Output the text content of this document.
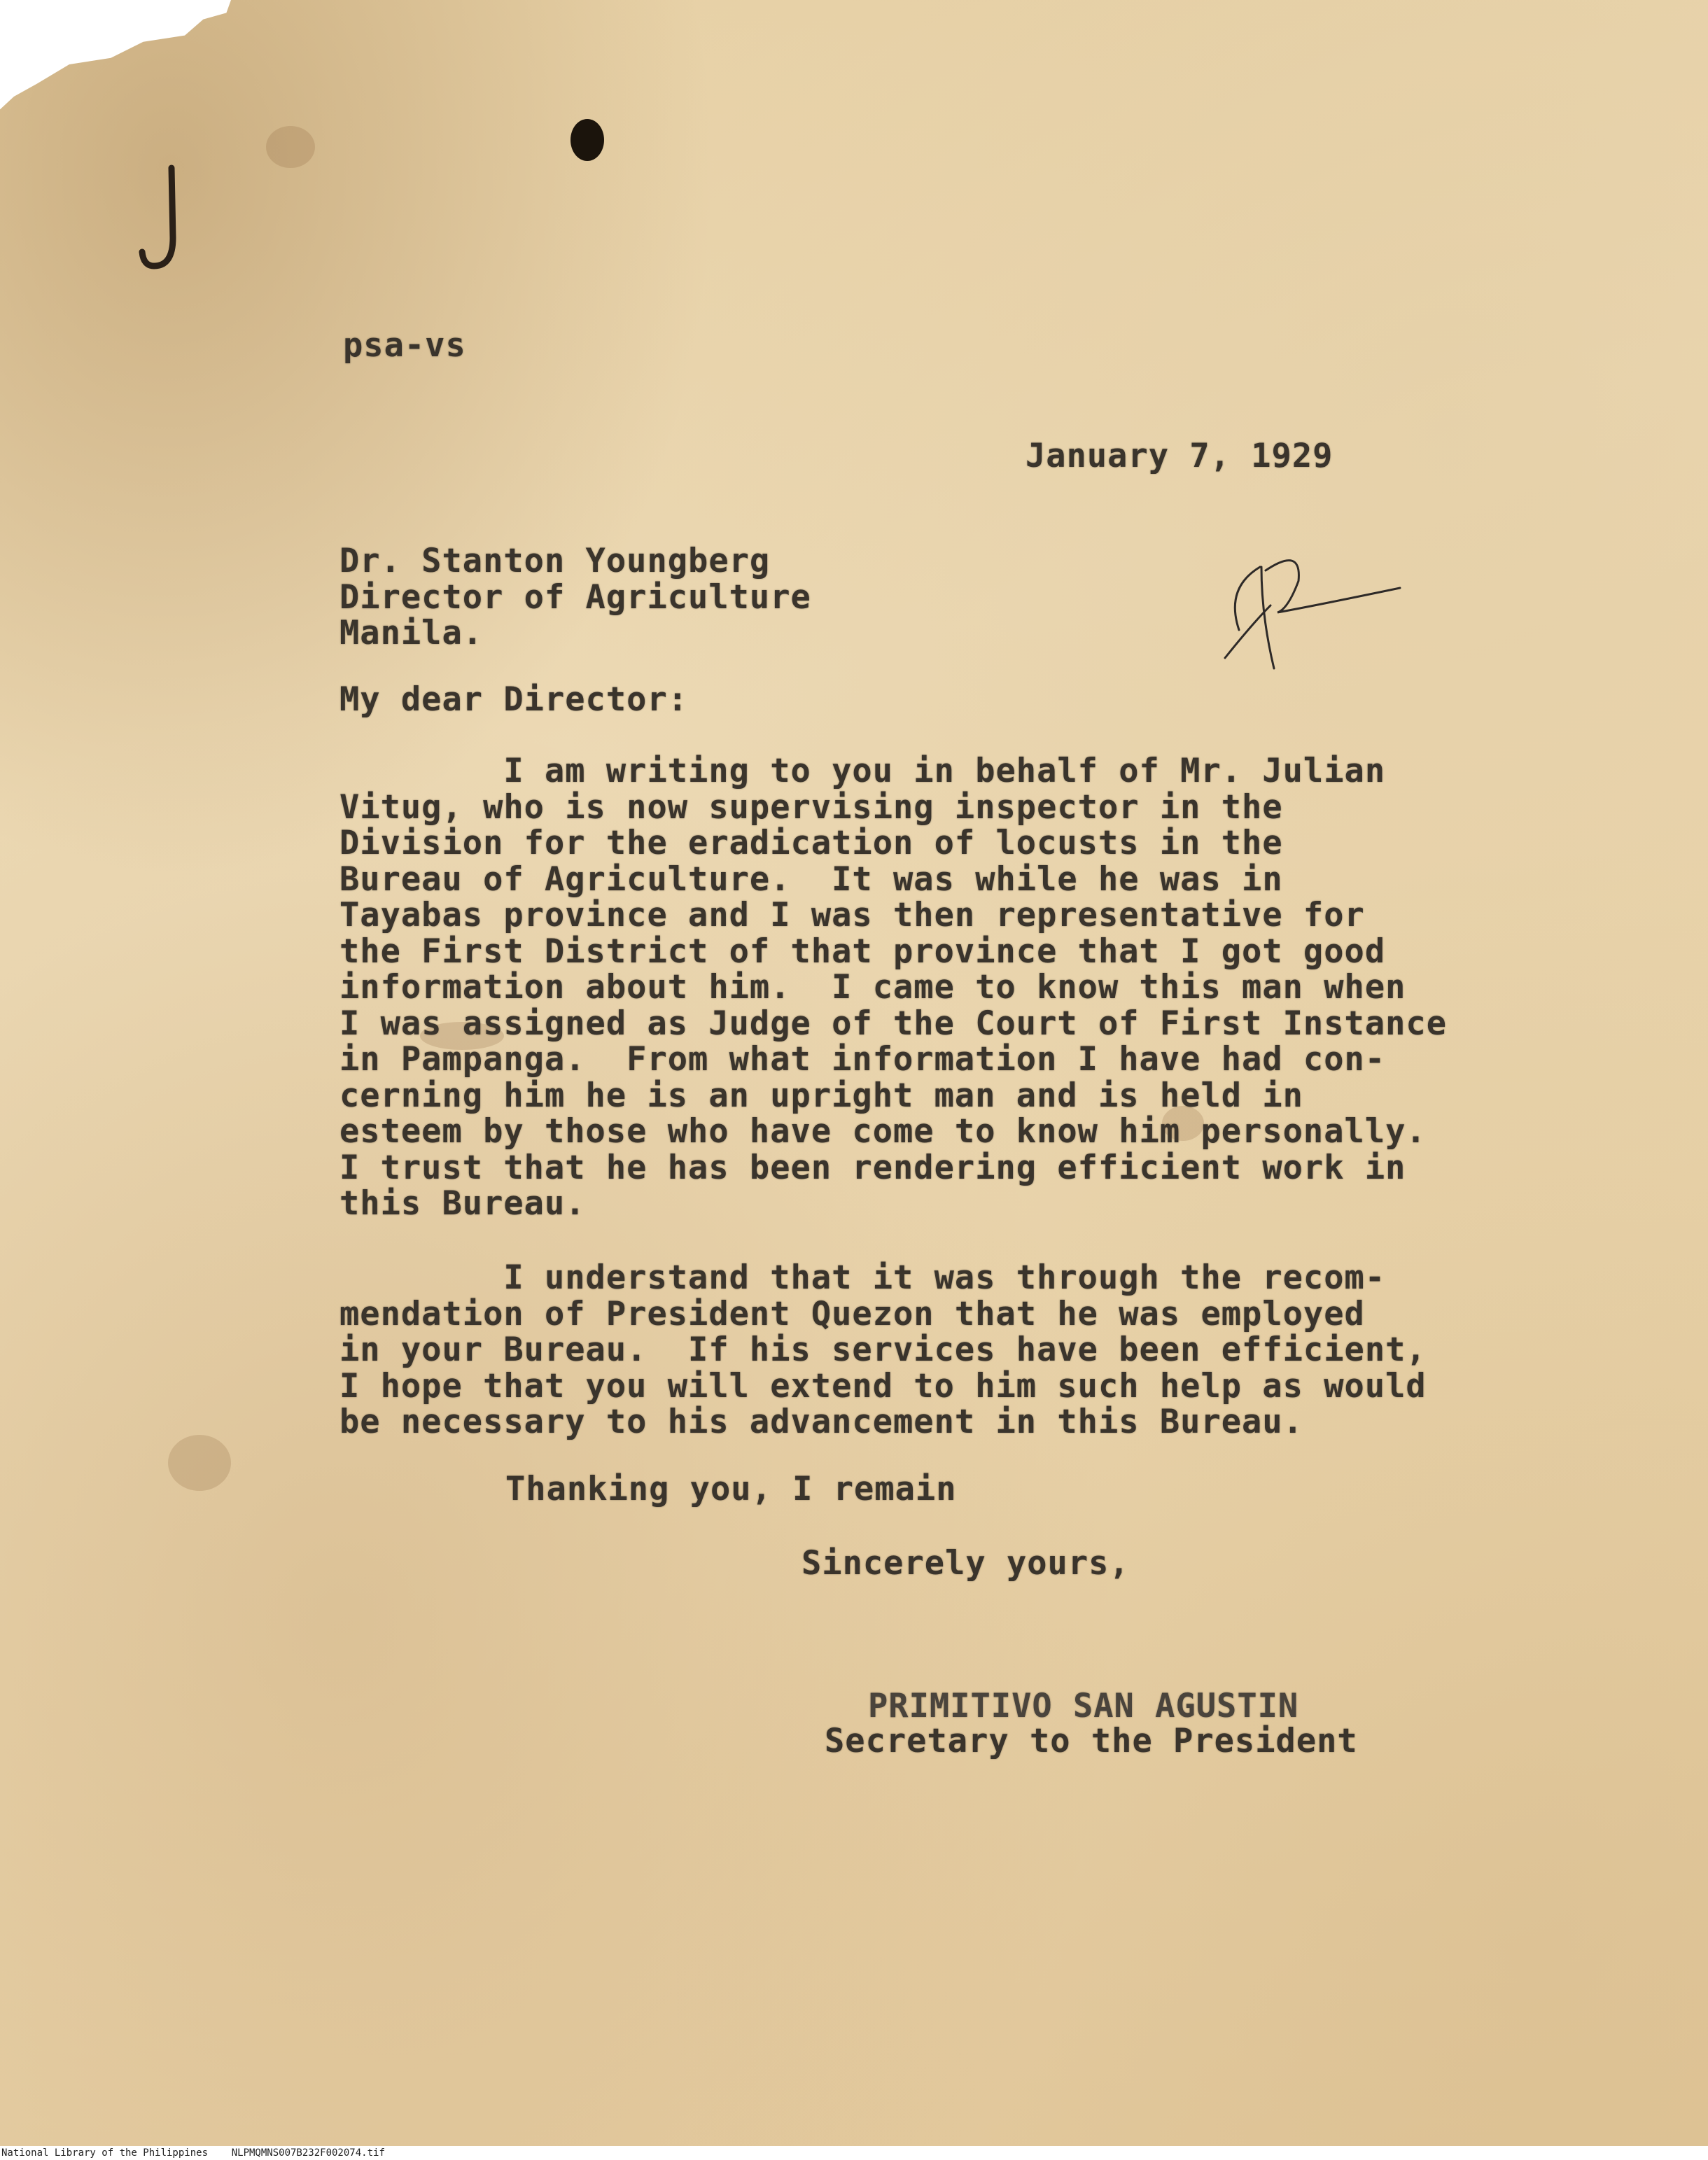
psa-vs
January 7, 1929
Dr. Stanton Youngberg
Director of Agriculture
Manila.
My dear Director:
I am writing to you in behalf of Mr. Julian
Vitug, who is now supervising inspector in the
Division for the eradication of locusts in the
Bureau of Agriculture.  It was while he was in
Tayabas province and I was then representative for
the First District of that province that I got good
information about him.  I came to know this man when
I was assigned as Judge of the Court of First Instance
in Pampanga.  From what information I have had con-
cerning him he is an upright man and is held in
esteem by those who have come to know him personally.
I trust that he has been rendering efficient work in
this Bureau.
I understand that it was through the recom-
mendation of President Quezon that he was employed
in your Bureau.  If his services have been efficient,
I hope that you will extend to him such help as would
be necessary to his advancement in this Bureau.
Thanking you, I remain
Sincerely yours,
PRIMITIVO SAN AGUSTIN
Secretary to the President
National Library of the Philippines    NLPMQMNS007B232F002074.tif
